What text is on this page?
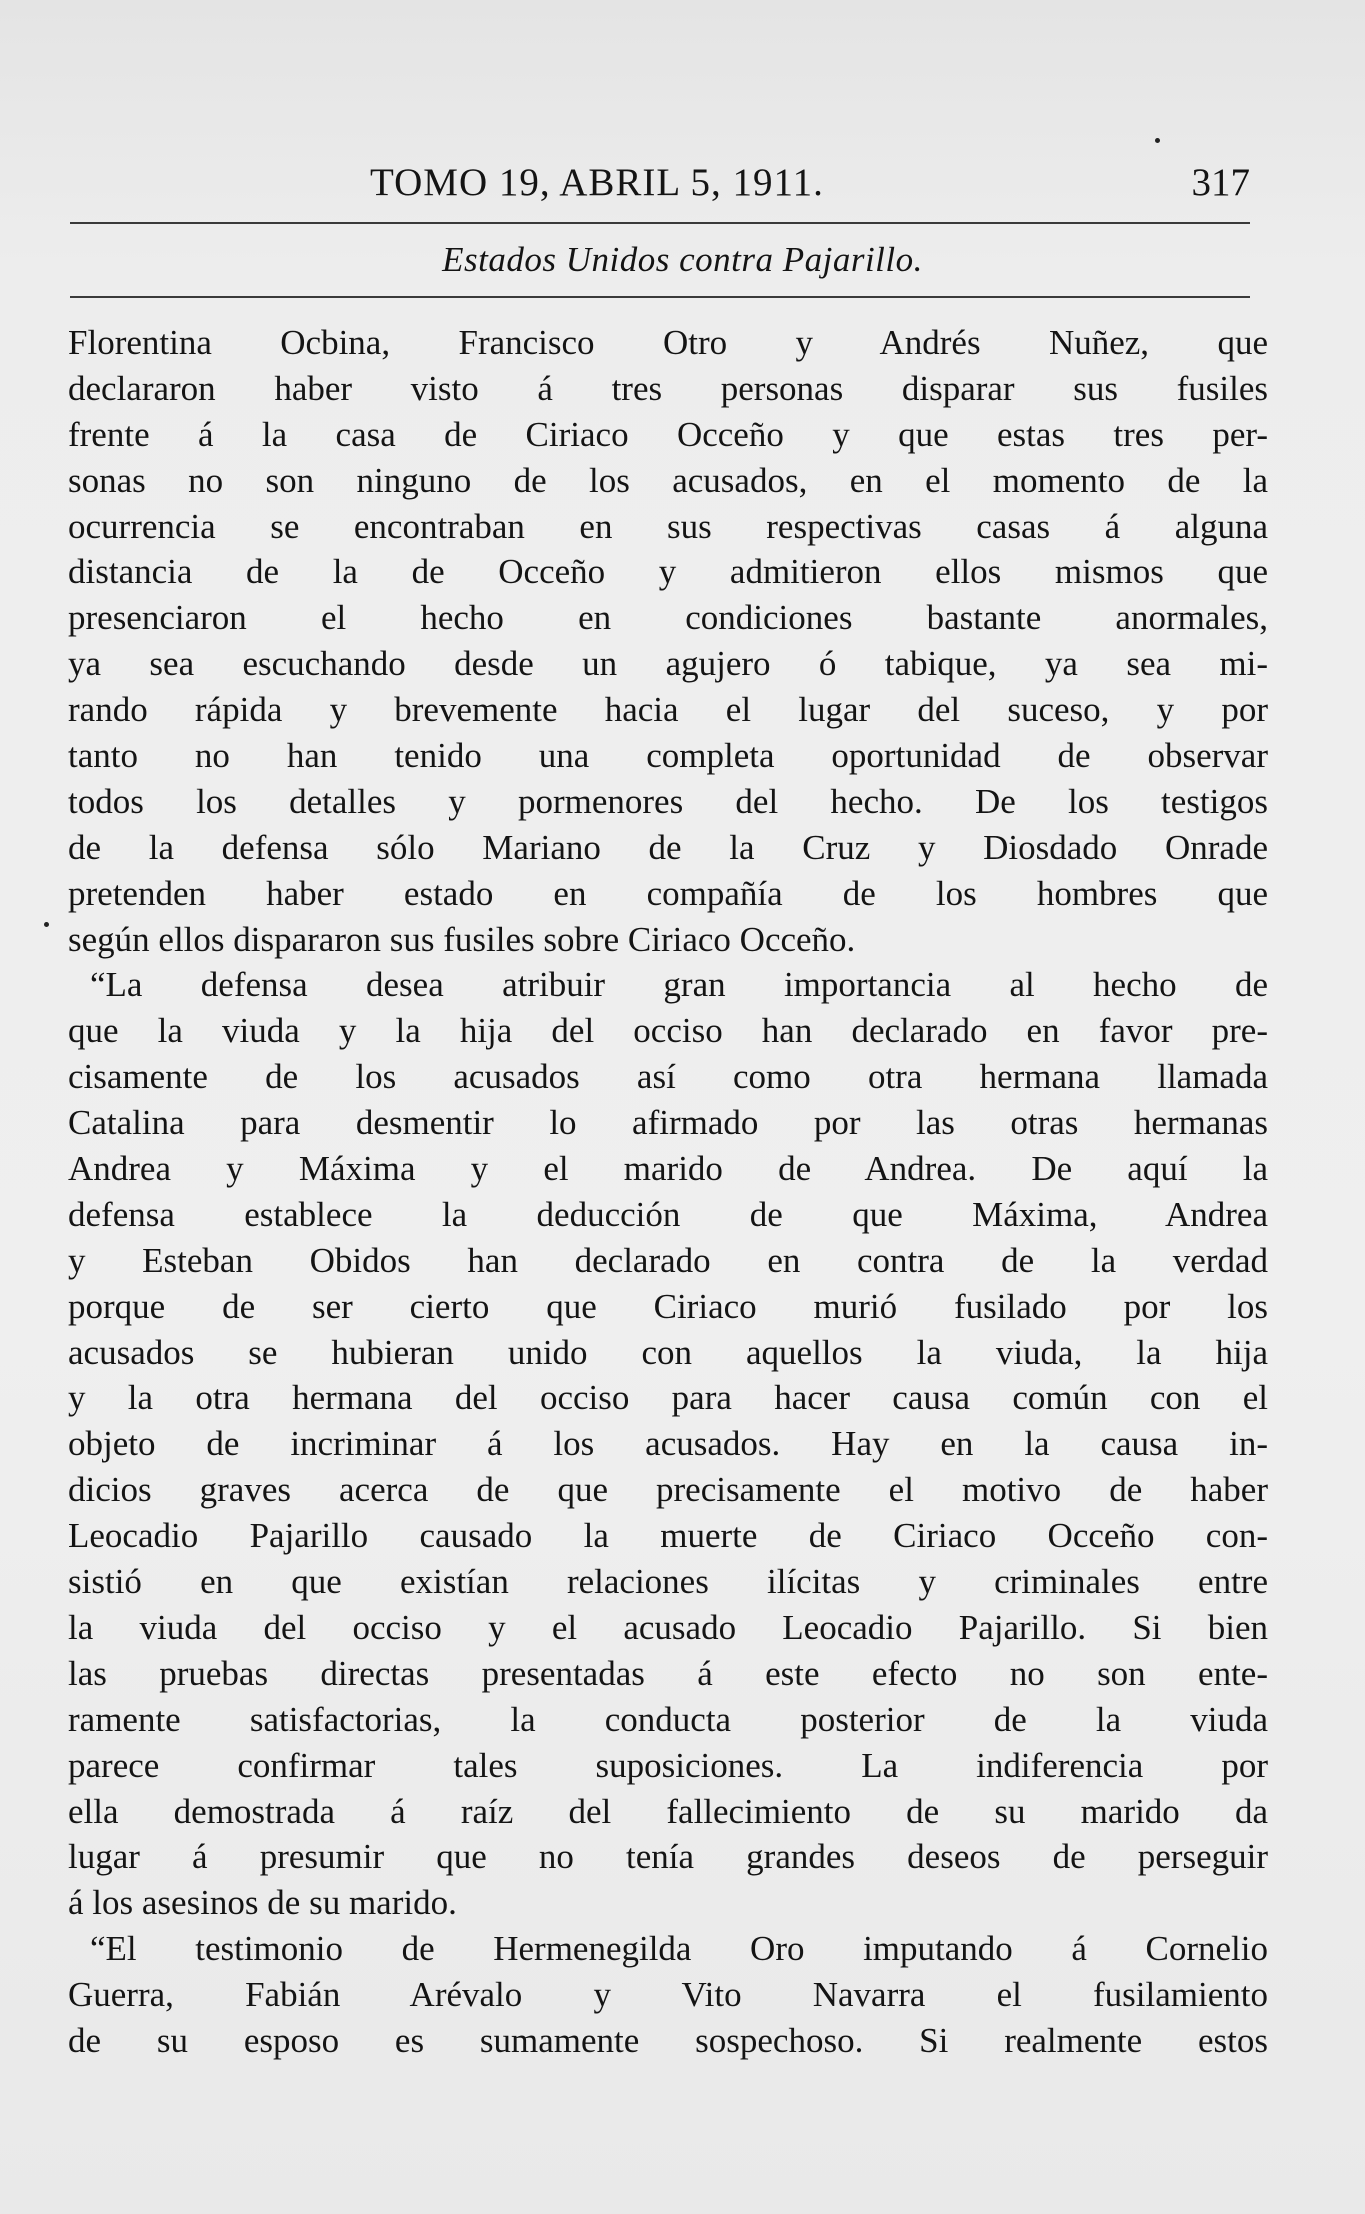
TOMO 19, ABRIL 5, 1911.	317
Estados Unidos contra Pajarillo.
Florentina Ocbina, Francisco Otro y Andrés Nuñez, que
declararon haber visto á tres personas disparar sus fusiles
frente á la casa de Ciriaco Occeño y que estas tres per-
sonas no son ninguno de los acusados, en el momento de la
ocurrencia se encontraban en sus respectivas casas á alguna
distancia de la de Occeño y admitieron ellos mismos que
presenciaron el hecho en condiciones bastante anormales,
ya sea escuchando desde un agujero ó tabique, ya sea mi-
rando rápida y brevemente hacia el lugar del suceso, y por
tanto no han tenido una completa oportunidad de observar
todos los detalles y pormenores del hecho. De los testigos
de la defensa sólo Mariano de la Cruz y Diosdado Onrade
pretenden haber estado en compañía de los hombres que
según ellos dispararon sus fusiles sobre Ciriaco Occeño.
“La defensa desea atribuir gran importancia al hecho de
que la viuda y la hija del occiso han declarado en favor pre-
cisamente de los acusados así como otra hermana llamada
Catalina para desmentir lo afirmado por las otras hermanas
Andrea y Máxima y el marido de Andrea. De aquí la
defensa establece la deducción de que Máxima, Andrea
y Esteban Obidos han declarado en contra de la verdad
porque de ser cierto que Ciriaco murió fusilado por los
acusados se hubieran unido con aquellos la viuda, la hija
y la otra hermana del occiso para hacer causa común con el
objeto de incriminar á los acusados. Hay en la causa in-
dicios graves acerca de que precisamente el motivo de haber
Leocadio Pajarillo causado la muerte de Ciriaco Occeño con-
sistió en que existían relaciones ilícitas y criminales entre
la viuda del occiso y el acusado Leocadio Pajarillo. Si bien
las pruebas directas presentadas á este efecto no son ente-
ramente satisfactorias, la conducta posterior de la viuda
parece confirmar tales suposiciones. La indiferencia por
ella demostrada á raíz del fallecimiento de su marido da
lugar á presumir que no tenía grandes deseos de perseguir
á los asesinos de su marido.
“El testimonio de Hermenegilda Oro imputando á Cornelio
Guerra, Fabián Arévalo y Vito Navarra el fusilamiento
de su esposo es sumamente sospechoso. Si realmente estos
